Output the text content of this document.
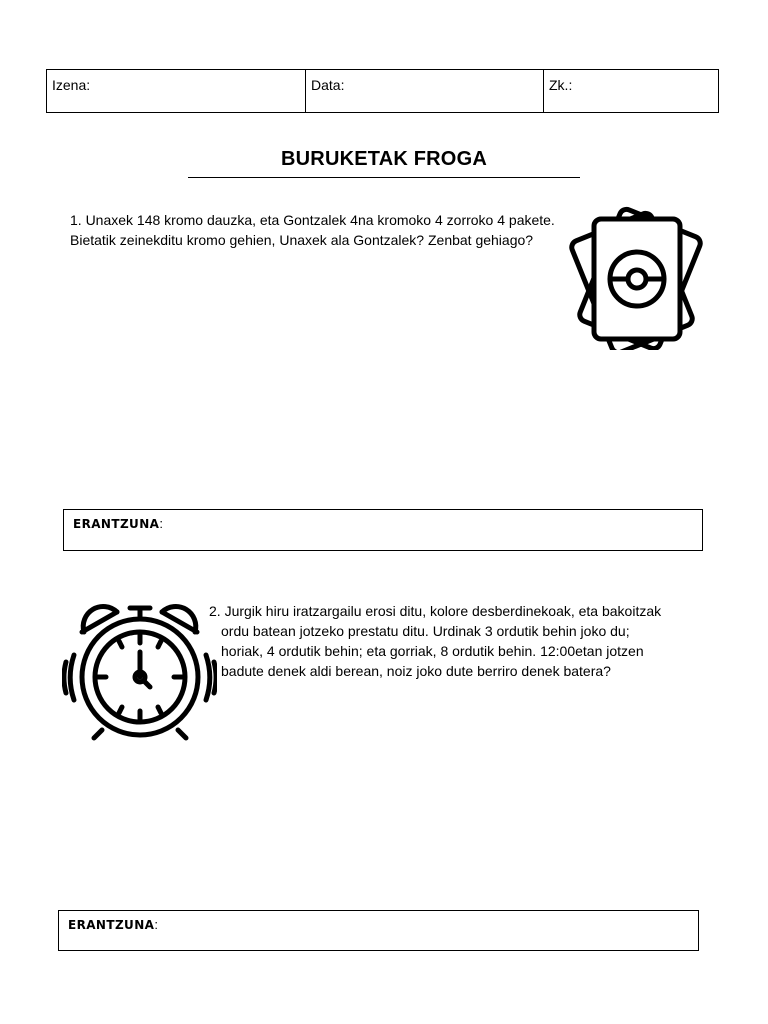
Izena:	Data:	Zk.:
BURUKETAK FROGA
1. Unaxek 148 kromo dauzka, eta Gontzalek 4na kromoko 4 zorroko 4 pakete. Bietatik zeinekditu kromo gehien, Unaxek ala Gontzalek? Zenbat gehiago?
ERANTZUNA:

2. Jurgik hiru iratzargailu erosi ditu, kolore desberdinekoak, eta bakoitzak

ordu batean jotzeko prestatu ditu. Urdinak 3 ordutik behin joko du;

horiak, 4 ordutik behin; eta gorriak, 8 ordutik behin. 12:00etan jotzen

badute denek aldi berean, noiz joko dute berriro denek batera?

ERANTZUNA:
